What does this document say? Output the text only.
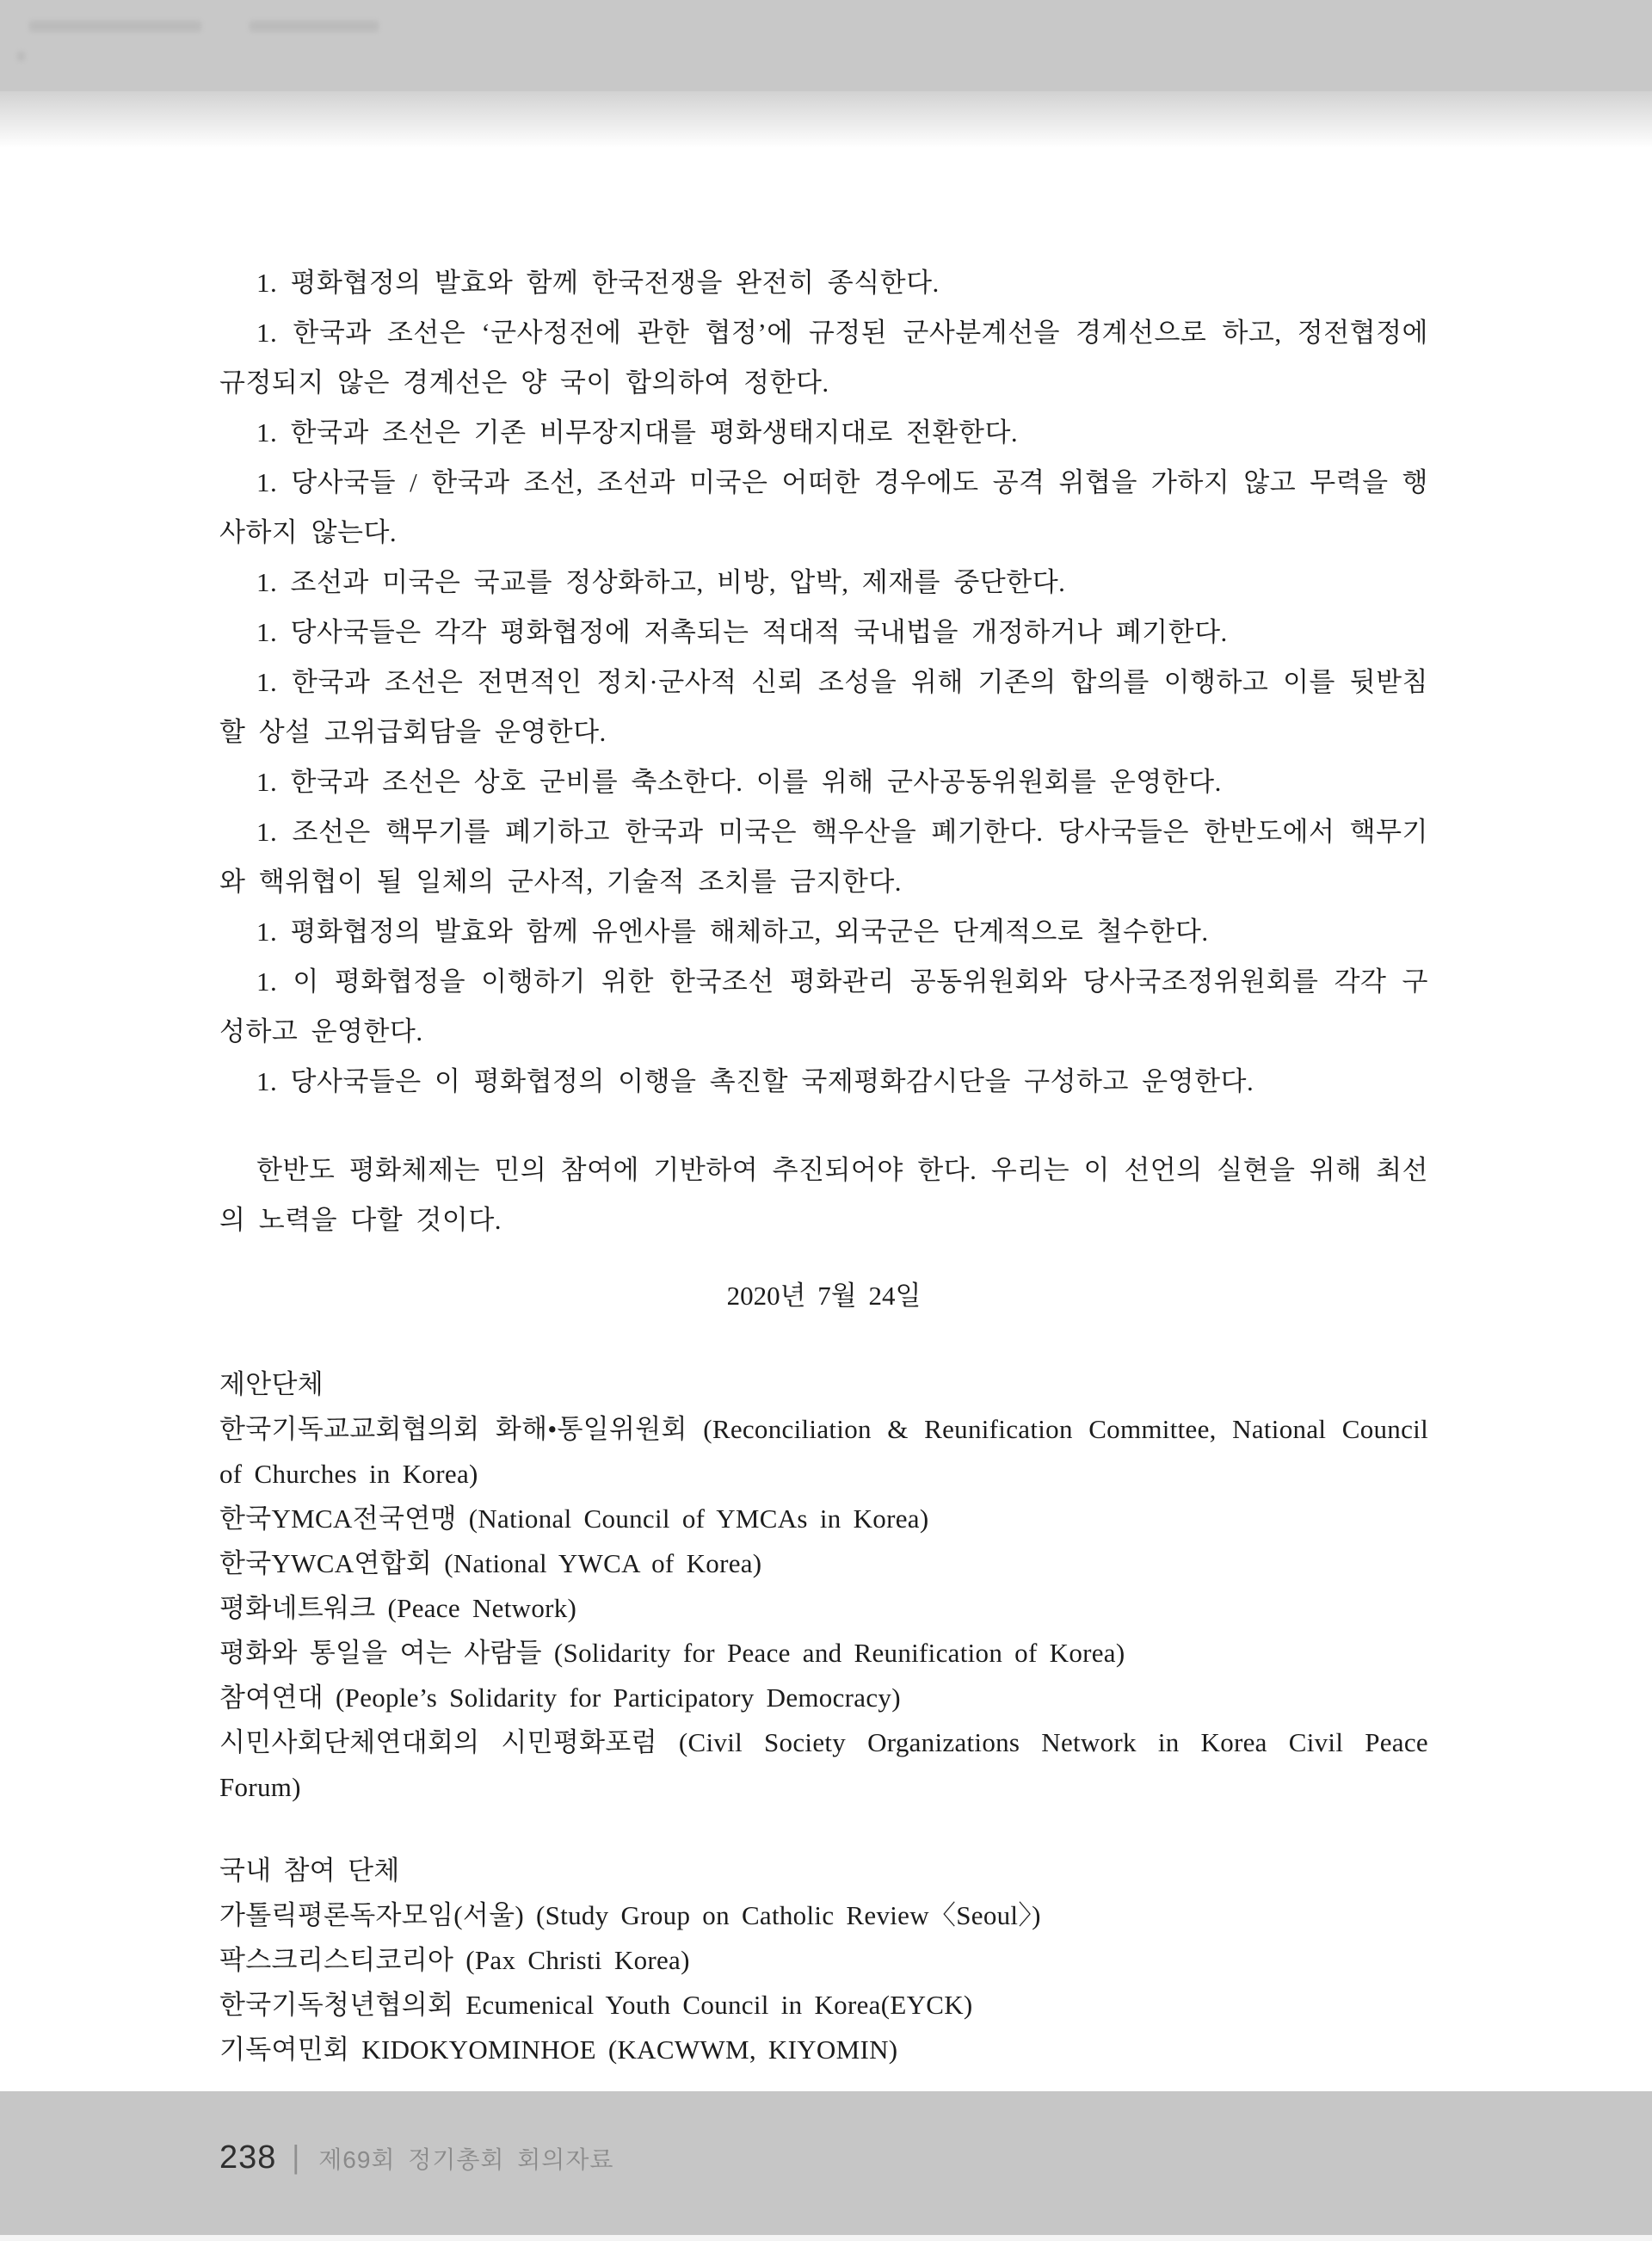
1. 평화협정의 발효와 함께 한국전쟁을 완전히 종식한다.

1. 한국과 조선은 ‘군사정전에 관한 협정’에 규정된 군사분계선을 경계선으로 하고, 정전협정에 규정되지 않은 경계선은 양 국이 합의하여 정한다.

1. 한국과 조선은 기존 비무장지대를 평화생태지대로 전환한다.

1. 당사국들 / 한국과 조선, 조선과 미국은 어떠한 경우에도 공격 위협을 가하지 않고 무력을 행사하지 않는다.

1. 조선과 미국은 국교를 정상화하고, 비방, 압박, 제재를 중단한다.

1. 당사국들은 각각 평화협정에 저촉되는 적대적 국내법을 개정하거나 폐기한다.

1. 한국과 조선은 전면적인 정치·군사적 신뢰 조성을 위해 기존의 합의를 이행하고 이를 뒷받침 할 상설 고위급회담을 운영한다.

1. 한국과 조선은 상호 군비를 축소한다. 이를 위해 군사공동위원회를 운영한다.

1. 조선은 핵무기를 폐기하고 한국과 미국은 핵우산을 폐기한다. 당사국들은 한반도에서 핵무기와 핵위협이 될 일체의 군사적, 기술적 조치를 금지한다.

1. 평화협정의 발효와 함께 유엔사를 해체하고, 외국군은 단계적으로 철수한다.

1. 이 평화협정을 이행하기 위한 한국조선 평화관리 공동위원회와 당사국조정위원회를 각각 구성하고 운영한다.

1. 당사국들은 이 평화협정의 이행을 촉진할 국제평화감시단을 구성하고 운영한다.

한반도 평화체제는 민의 참여에 기반하여 추진되어야 한다. 우리는 이 선언의 실현을 위해 최선의 노력을 다할 것이다.

2020년 7월 24일

제안단체

한국기독교교회협의회 화해•통일위원회 (Reconciliation & Reunification Committee, National Council of Churches in Korea)

한국YMCA전국연맹 (National Council of YMCAs in Korea)

한국YWCA연합회 (National YWCA of Korea)

평화네트워크 (Peace Network)

평화와 통일을 여는 사람들 (Solidarity for Peace and Reunification of Korea)

참여연대 (People’s Solidarity for Participatory Democracy)

시민사회단체연대회의 시민평화포럼 (Civil Society Organizations Network in Korea Civil Peace Forum)

국내 참여 단체

가톨릭평론독자모임(서울) (Study Group on Catholic Review〈Seoul〉)

팍스크리스티코리아 (Pax Christi Korea)

한국기독청년협의회 Ecumenical Youth Council in Korea(EYCK)

기독여민회 KIDOKYOMINHOE (KACWWM, KIYOMIN)

238 | 제69회 정기총회 회의자료
